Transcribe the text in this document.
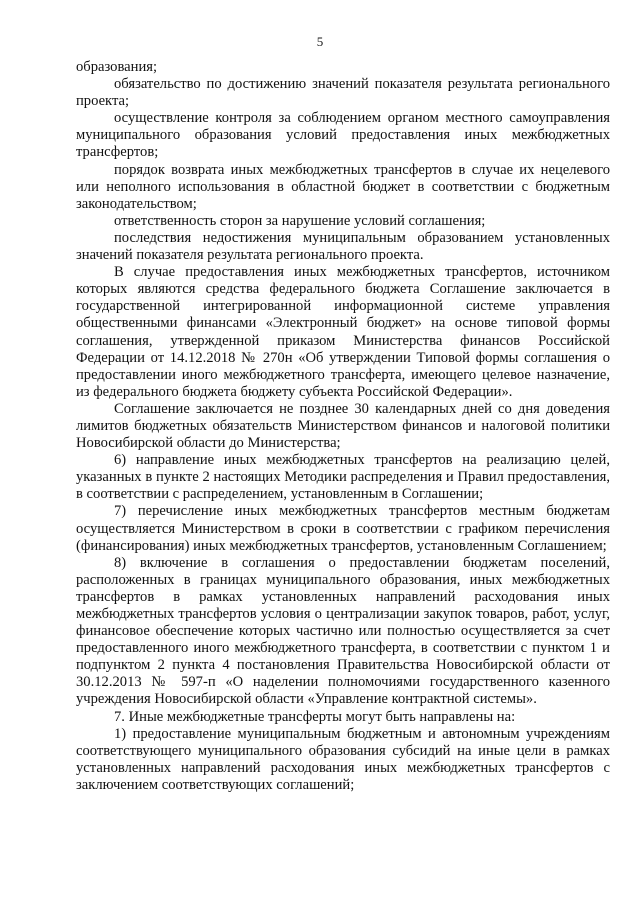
5

образования;

обязательство по достижению значений показателя результата регионального проекта;

осуществление контроля за соблюдением органом местного самоуправления муниципального образования условий предоставления иных межбюджетных трансфертов;

порядок возврата иных межбюджетных трансфертов в случае их нецелевого или неполного использования в областной бюджет в соответствии с бюджетным законодательством;

ответственность сторон за нарушение условий соглашения;

последствия недостижения муниципальным образованием установленных значений показателя результата регионального проекта.

В случае предоставления иных межбюджетных трансфертов, источником которых являются средства федерального бюджета Соглашение заключается в государственной интегрированной информационной системе управления общественными финансами «Электронный бюджет» на основе типовой формы соглашения, утвержденной приказом Министерства финансов Российской Федерации от 14.12.2018 № 270н «Об утверждении Типовой формы соглашения о предоставлении иного межбюджетного трансферта, имеющего целевое назначение, из федерального бюджета бюджету субъекта Российской Федерации».

Соглашение заключается не позднее 30 календарных дней со дня доведения лимитов бюджетных обязательств Министерством финансов и налоговой политики Новосибирской области до Министерства;

6) направление иных межбюджетных трансфертов на реализацию целей, указанных в пункте 2 настоящих Методики распределения и Правил предоставления, в соответствии с распределением, установленным в Соглашении;

7) перечисление иных межбюджетных трансфертов местным бюджетам осуществляется Министерством в сроки в соответствии с графиком перечисления (финансирования) иных межбюджетных трансфертов, установленным Соглашением;

8) включение в соглашения о предоставлении бюджетам поселений, расположенных в границах муниципального образования, иных межбюджетных трансфертов в рамках установленных направлений расходования иных межбюджетных трансфертов условия о централизации закупок товаров, работ, услуг, финансовое обеспечение которых частично или полностью осуществляется за счет предоставленного иного межбюджетного трансферта, в соответствии с пунктом 1 и подпунктом 2 пункта 4 постановления Правительства Новосибирской области от 30.12.2013 № 597-п «О наделении полномочиями государственного казенного учреждения Новосибирской области «Управление контрактной системы».

7. Иные межбюджетные трансферты могут быть направлены на:

1) предоставление муниципальным бюджетным и автономным учреждениям соответствующего муниципального образования субсидий на иные цели в рамках установленных направлений расходования иных межбюджетных трансфертов с заключением соответствующих соглашений;
